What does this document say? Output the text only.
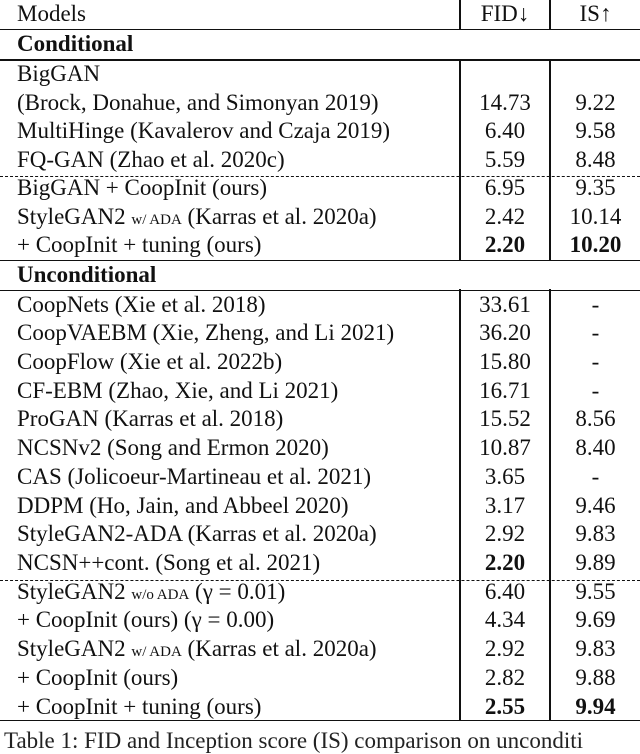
Models	FID↓	IS↑
Conditional
BigGAN
(Brock, Donahue, and Simonyan 2019)	14.73	9.22
MultiHinge (Kavalerov and Czaja 2019)	6.40	9.58
FQ-GAN (Zhao et al. 2020c)	5.59	8.48
BigGAN + CoopInit (ours)	6.95	9.35
StyleGAN2 w/ ADA (Karras et al. 2020a)	2.42	10.14
+ CoopInit + tuning (ours)	2.20	10.20
Unconditional
CoopNets (Xie et al. 2018)	33.61	-
CoopVAEBM (Xie, Zheng, and Li 2021)	36.20	-
CoopFlow (Xie et al. 2022b)	15.80	-
CF-EBM (Zhao, Xie, and Li 2021)	16.71	-
ProGAN (Karras et al. 2018)	15.52	8.56
NCSNv2 (Song and Ermon 2020)	10.87	8.40
CAS (Jolicoeur-Martineau et al. 2021)	3.65	-
DDPM (Ho, Jain, and Abbeel 2020)	3.17	9.46
StyleGAN2-ADA (Karras et al. 2020a)	2.92	9.83
NCSN++cont. (Song et al. 2021)	2.20	9.89
StyleGAN2 w/o ADA (γ = 0.01)	6.40	9.55
+ CoopInit (ours) (γ = 0.00)	4.34	9.69
StyleGAN2 w/ ADA (Karras et al. 2020a)	2.92	9.83
+ CoopInit (ours)	2.82	9.88
+ CoopInit + tuning (ours)	2.55	9.94
Table 1: FID and Inception score (IS) comparison on unconditi
